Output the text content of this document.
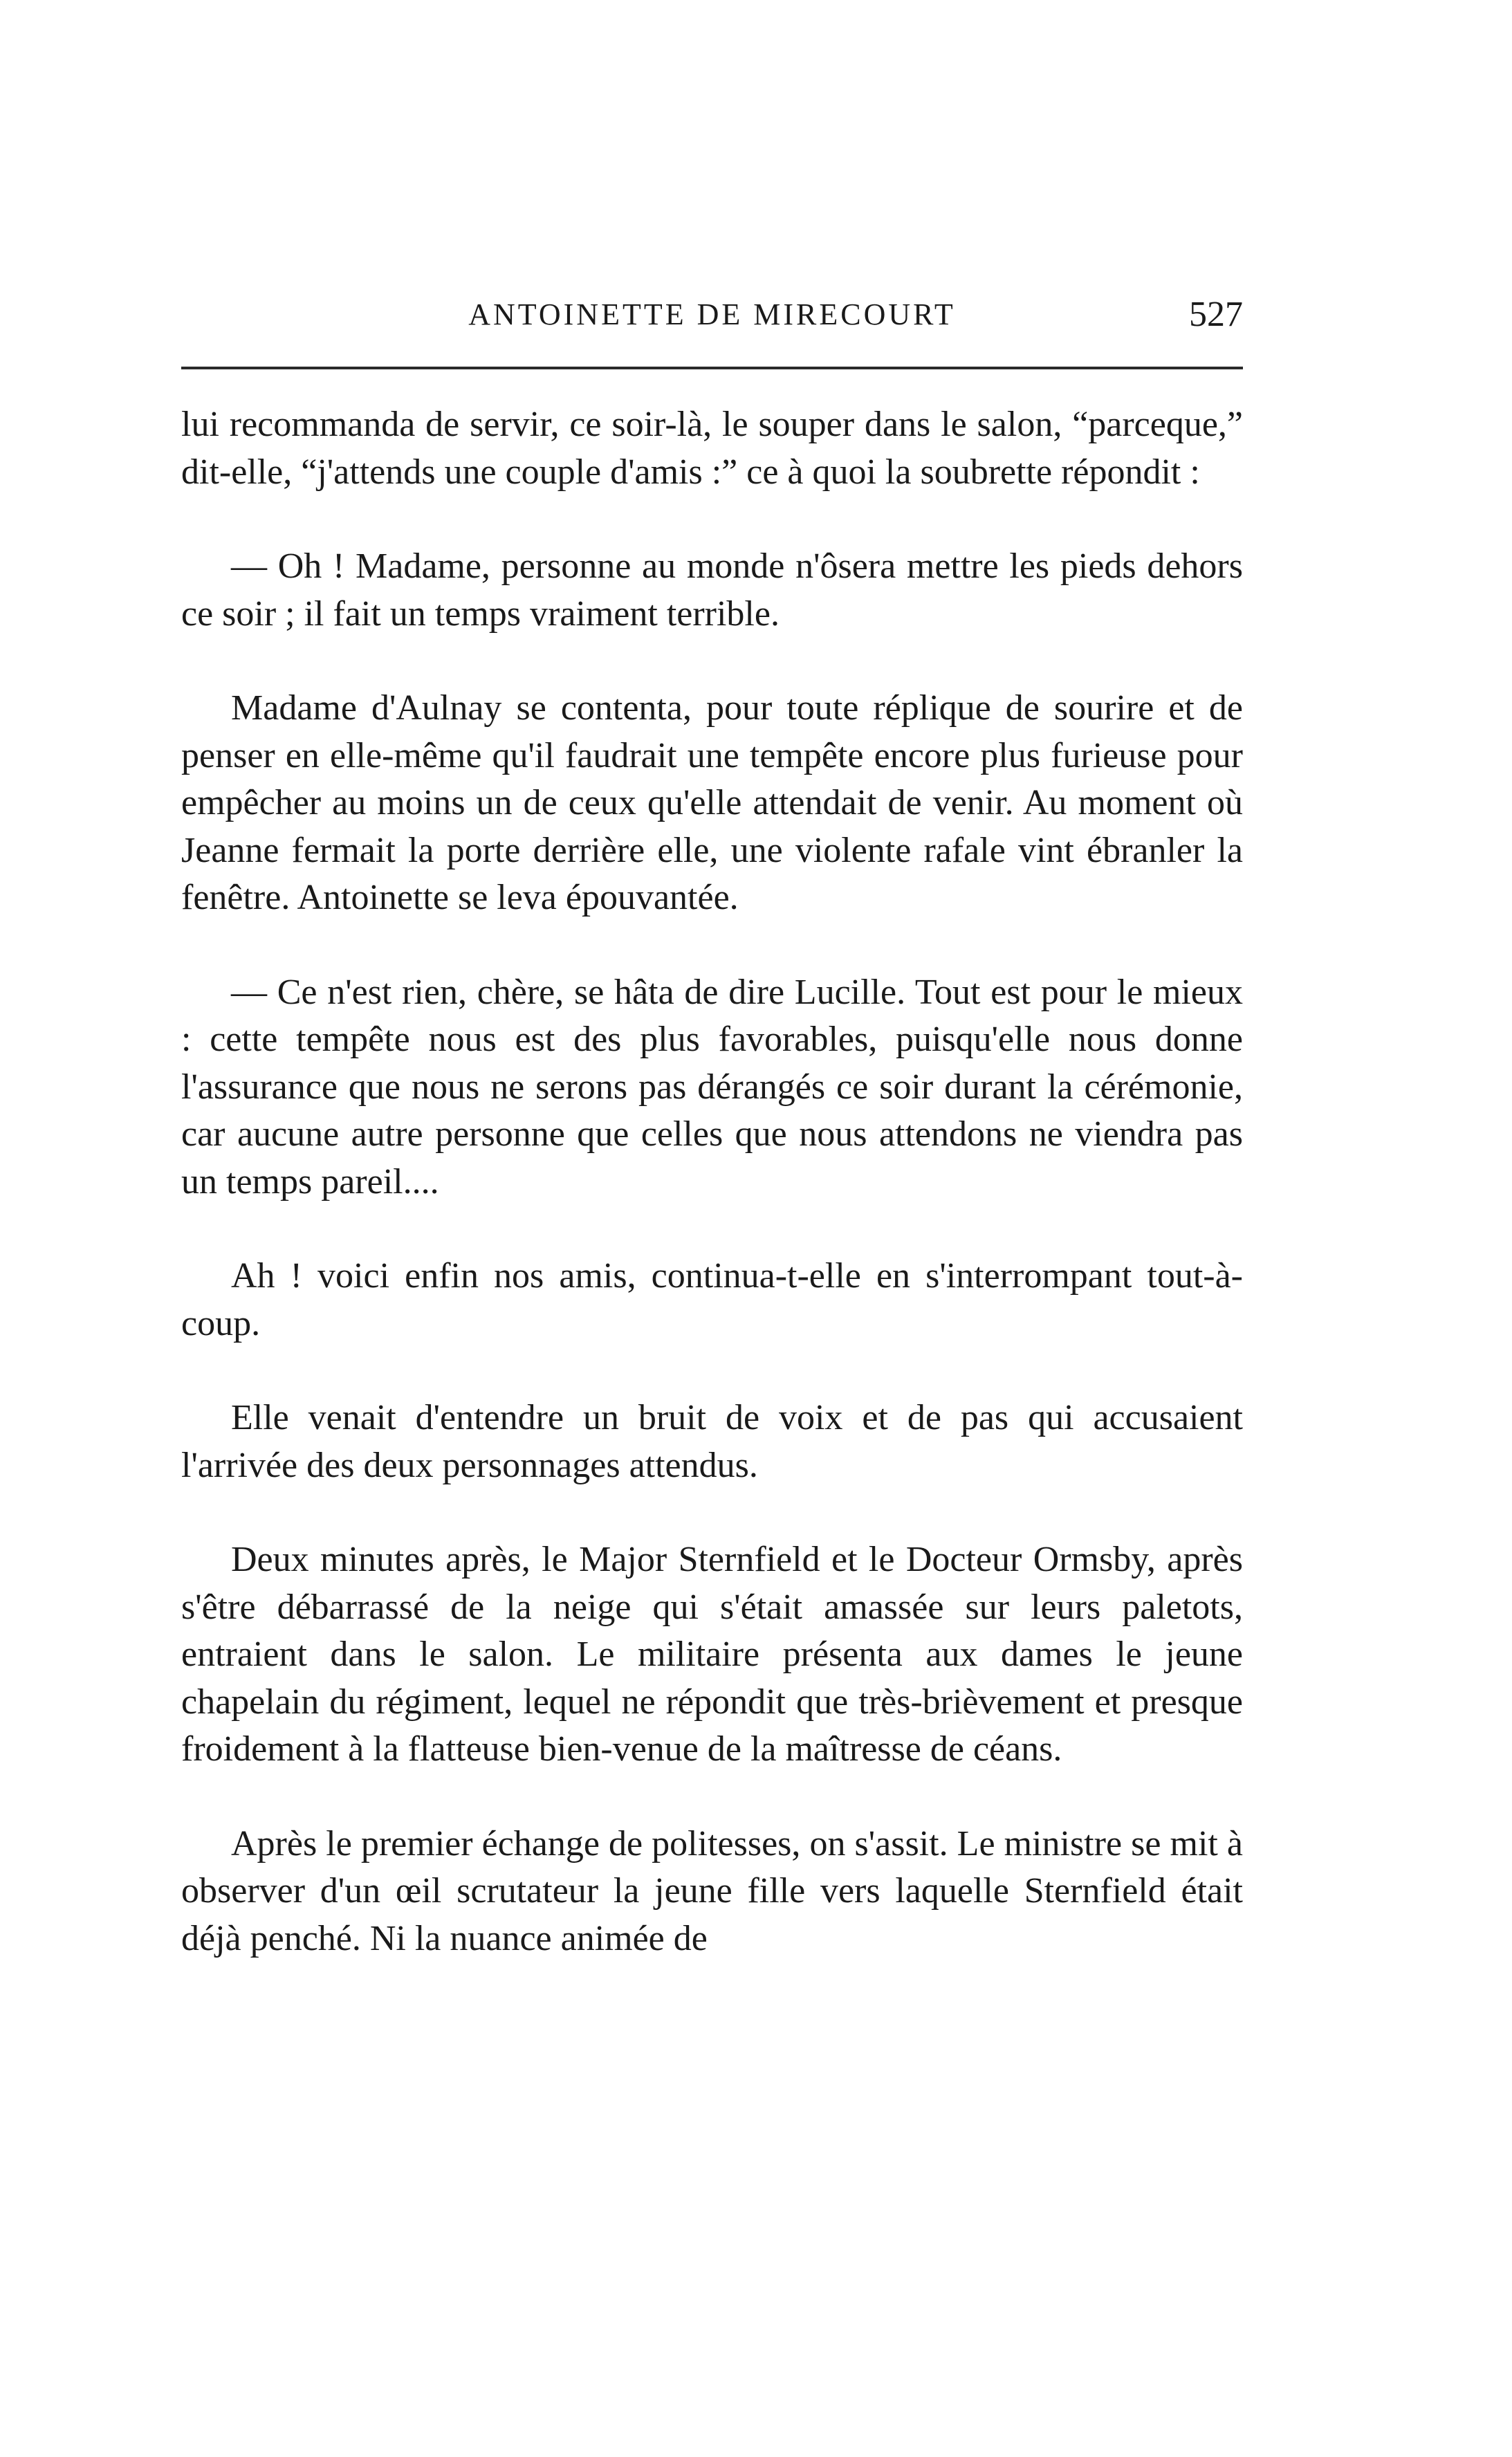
ANTOINETTE DE MIRECOURT	527

lui recommanda de servir, ce soir-là, le souper dans le salon, “parceque,” dit-elle, “j'attends une couple d'amis :” ce à quoi la soubrette répondit :

— Oh ! Madame, personne au monde n'ôsera mettre les pieds dehors ce soir ; il fait un temps vraiment terrible.

Madame d'Aulnay se contenta, pour toute réplique de sourire et de penser en elle-même qu'il faudrait une tempête encore plus furieuse pour empêcher au moins un de ceux qu'elle attendait de venir. Au moment où Jeanne fermait la porte derrière elle, une violente rafale vint ébranler la fenêtre. Antoinette se leva épouvantée.

— Ce n'est rien, chère, se hâta de dire Lucille. Tout est pour le mieux : cette tempête nous est des plus favorables, puisqu'elle nous donne l'assurance que nous ne serons pas dérangés ce soir durant la cérémonie, car aucune autre personne que celles que nous attendons ne viendra pas un temps pareil....

Ah ! voici enfin nos amis, continua-t-elle en s'interrompant tout-à-coup.

Elle venait d'entendre un bruit de voix et de pas qui accusaient l'arrivée des deux personnages attendus.

Deux minutes après, le Major Sternfield et le Docteur Ormsby, après s'être débarrassé de la neige qui s'était amassée sur leurs paletots, entraient dans le salon. Le militaire présenta aux dames le jeune chapelain du régiment, lequel ne répondit que très-brièvement et presque froidement à la flatteuse bien-venue de la maîtresse de céans.

Après le premier échange de politesses, on s'assit. Le ministre se mit à observer d'un œil scrutateur la jeune fille vers laquelle Sternfield était déjà penché. Ni la nuance animée de
